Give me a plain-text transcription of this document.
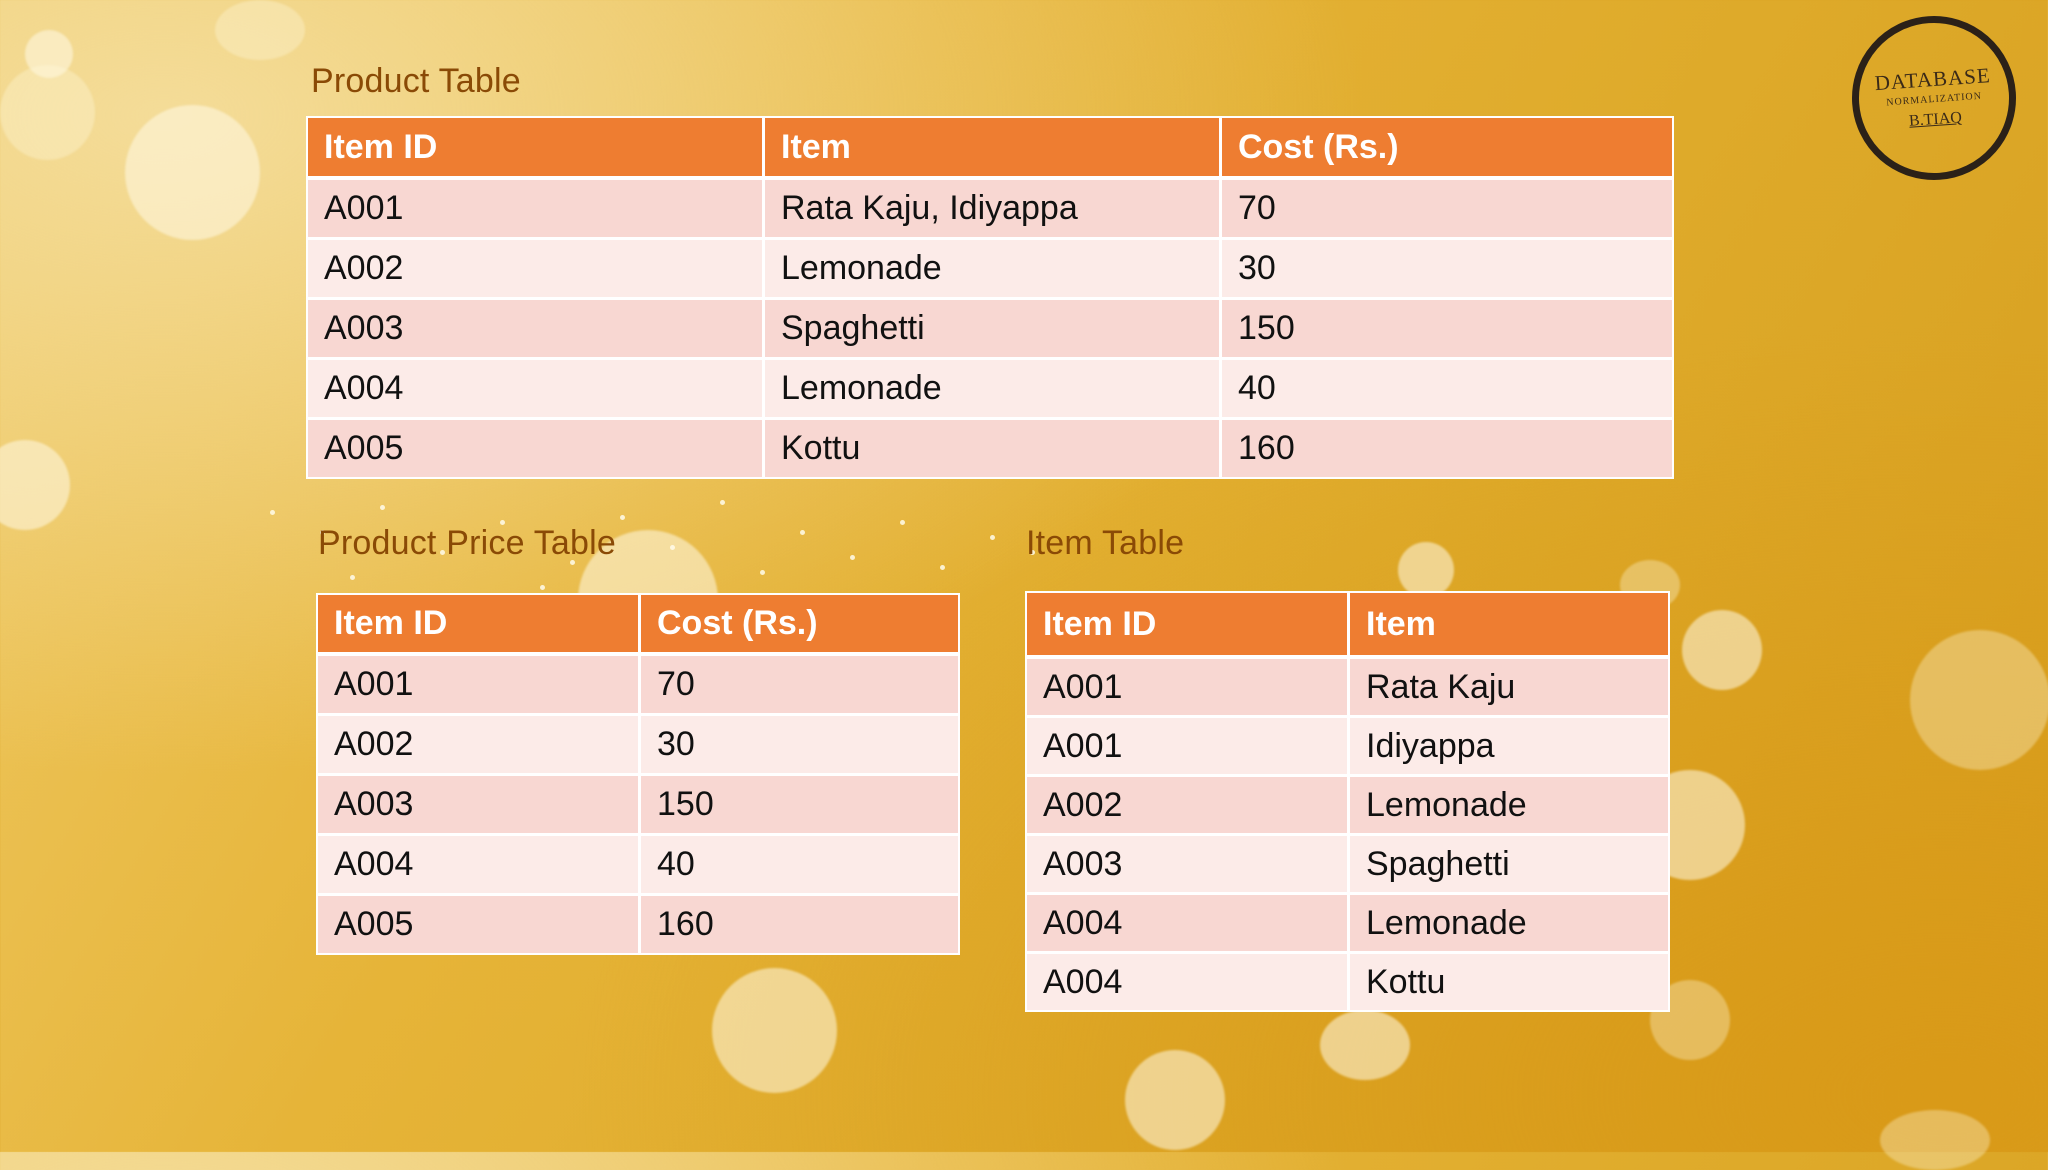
Product Table
Item ID	Item	Cost (Rs.)
A001	Rata Kaju, Idiyappa	70
A002	Lemonade	30
A003	Spaghetti	150
A004	Lemonade	40
A005	Kottu	160
Product Price Table
Item ID	Cost (Rs.)
A001	70
A002	30
A003	150
A004	40
A005	160
Item Table
Item ID	Item
A001	Rata Kaju
A001	Idiyappa
A002	Lemonade
A003	Spaghetti
A004	Lemonade
A004	Kottu
DATABASE
NORMALIZATION
B.TIAQ
